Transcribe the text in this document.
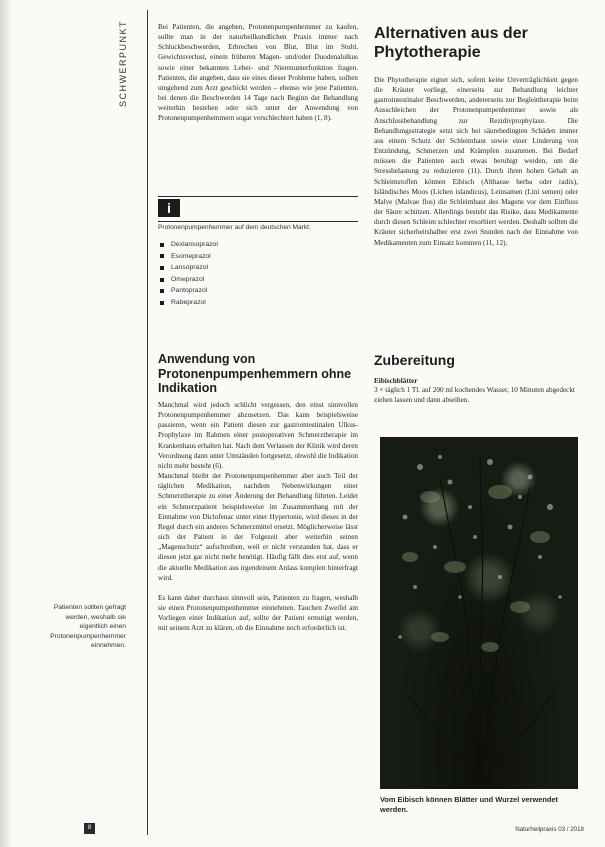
SCHWERPUNKT	Bei Patienten, die angeben, Protonenpumpenhemmer zu kaufen, sollte man in der naturheilkundlichen Praxis immer nach Schluckbeschwerden, Erbrechen von Blut, Blut im Stuhl, Gewichtsverlust, einem früheren Magen- und/oder Duodenalulkus sowie einer bekannten Leber- und Nierenunterfunktion fragen. Patienten, die angeben, dass sie eines dieser Probleme haben, sollten umgehend zum Arzt geschickt werden – ebenso wie jene Patienten, bei denen die Beschwerden 14 Tage nach Beginn der Behandlung weiterhin bestehen oder sich unter der Anwendung von Protonenpumpenhemmern sogar verschlechtert haben (1, 8).

i

Protonenpumpenhemmer auf dem deutschen Markt:

Dexlansoprazol
Esomeprazol
Lansoprazol
Omeprazol
Pantoprazol
Rabeprazol
Anwendung von Protonenpumpenhemmern ohne Indikation

Manchmal wird jedoch schlicht vergessen, den einst sinnvollen Protonenpumpenhemmer abzusetzen. Das kann beispielsweise passieren, wenn ein Patient diesen zur gastrointestinalen Ulkus-Prophylaxe im Rahmen einer postoperativen Schmerztherapie im Krankenhaus erhalten hat. Nach dem Verlassen der Klinik wird deren Verordnung dann unter Umständen fortgesetzt, obwohl die Indikation nicht mehr besteht (6).

Manchmal bleibt der Protonenpumpenhemmer aber auch Teil der täglichen Medikation, nachdem Nebenwirkungen einer Schmerztherapie zu einer Änderung der Behandlung führten. Leidet ein Schmerzpatient beispielsweise im Zusammenhang mit der Einnahme von Diclofenac unter einer Hypertonie, wird dieses in der Regel durch ein anderes Schmerzmittel ersetzt. Möglicherweise lässt sich der Patient in der Folgezeit aber weiterhin seinen „Magenschutz“ aufschreiben, weil er nicht verstanden hat, dass er diesen jetzt gar nicht mehr benötigt. Häufig fällt dies erst auf, wenn die aktuelle Medikation aus irgendeinem Anlass komplett hinterfragt wird.

Es kann daher durchaus sinnvoll sein, Patienten zu fragen, weshalb sie einen Protonenpumpenhemmer einnehmen. Tauchen Zweifel am Vorliegen einer Indikation auf, sollte der Patient ermutigt werden, mit seinem Arzt zu klären, ob die Einnahme noch erforderlich ist.

Patienten sollten gefragt werden, weshalb sie eigentlich einen Protonenpumpenhemmer einnehmen.

Alternativen aus der Phytotherapie

Die Phytotherapie eignet sich, sofern keine Unverträglichkeit gegen die Kräuter vorliegt, einerseits zur Behandlung leichter gastrointestinaler Beschwerden, andererseits zur Begleittherapie beim Ausschleichen der Protonenpumpenhemmer sowie als Anschlussbehandlung zur Rezidivprophylaxe. Die Behandlungsstrategie setzt sich bei säurebedingten Schäden immer aus einem Schutz der Schleimhaut sowie einer Linderung von Entzündung, Schmerzen und Krämpfen zusammen. Bei Bedarf müssen die Patienten auch etwas beruhigt werden, um die Stressbelastung zu reduzieren (11). Durch ihren hohen Gehalt an Schleimstoffen können Eibisch (Althaeae herba oder radix), Isländisches Moos (Lichen islandicus), Leinsamen (Lini semen) oder Malve (Malvae flos) die Schleimhaut des Magens vor dem Einfluss der Säure schützen. Allerdings besteht das Risiko, dass Medikamente durch diesen Schleim schlechter resorbiert werden. Deshalb sollten die Kräuter sicherheitshalber erst zwei Stunden nach der Einnahme von Medikamenten zum Einsatz kommen (11, 12).

Zubereitung

Eibischblätter

3 × täglich 1 Tl. auf 200 ml kochendes Wasser, 10 Minuten abgedeckt ziehen lassen und dann abseihen.

Vom Eibisch können Blätter und Wurzel verwendet werden.

8	Naturheilpraxis 03 / 2018
